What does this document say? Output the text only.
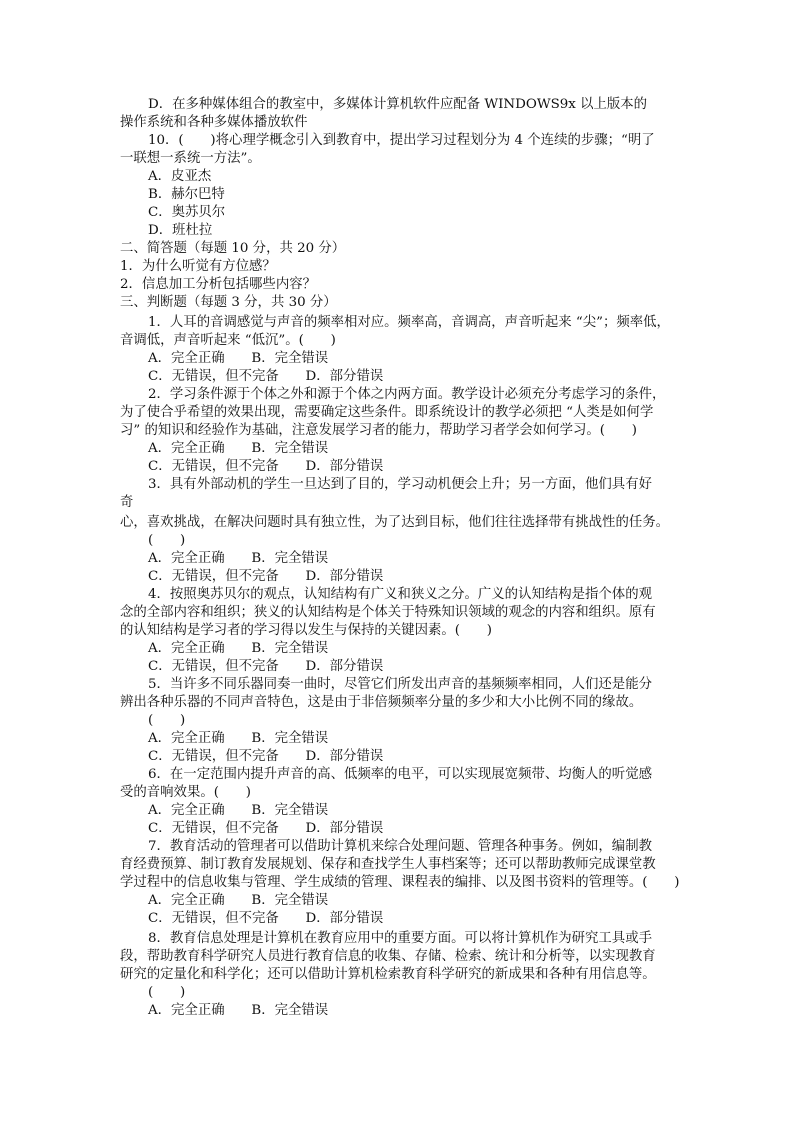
D．在多种媒体组合的教室中，多媒体计算机软件应配备 WINDOWS9x 以上版本的
操作系统和各种多媒体播放软件
10．(　　)将心理学概念引入到教育中，提出学习过程划分为 4 个连续的步骤；“明了
一联想一系统一方法”。
A．皮亚杰
B．赫尔巴特
C．奥苏贝尔
D．班杜拉
二、简答题（每题 10 分，共 20 分）
1．为什么听觉有方位感？
2．信息加工分析包括哪些内容？
三、判断题（每题 3 分，共 30 分）
1．人耳的音调感觉与声音的频率相对应。频率高，音调高，声音听起来 “尖”；频率低，
音调低，声音听起来 “低沉”。(　　)
A．完全正确　　B．完全错误
C．无错误，但不完备　　D．部分错误
2．学习条件源于个体之外和源于个体之内两方面。教学设计必须充分考虑学习的条件，
为了使合乎希望的效果出现，需要确定这些条件。即系统设计的教学必须把 “人类是如何学
习” 的知识和经验作为基础，注意发展学习者的能力，帮助学习者学会如何学习。(　　)
A．完全正确　　B．完全错误
C．无错误，但不完备　　D．部分错误
3．具有外部动机的学生一旦达到了目的，学习动机便会上升；另一方面，他们具有好
奇
心，喜欢挑战，在解决问题时具有独立性，为了达到目标，他们往往选择带有挑战性的任务。
(　　)
A．完全正确　　B．完全错误
C．无错误，但不完备　　D．部分错误
4．按照奥苏贝尔的观点，认知结构有广义和狭义之分。广义的认知结构是指个体的观
念的全部内容和组织；狭义的认知结构是个体关于特殊知识领域的观念的内容和组织。原有
的认知结构是学习者的学习得以发生与保持的关键因素。(　　)
A．完全正确　　B．完全错误
C．无错误，但不完备　　D．部分错误
5．当许多不同乐器同奏一曲时，尽管它们所发出声音的基频频率相同，人们还是能分
辨出各种乐器的不同声音特色，这是由于非倍频频率分量的多少和大小比例不同的缘故。
(　　)
A．完全正确　　B．完全错误
C．无错误，但不完备　　D．部分错误
6．在一定范围内提升声音的高、低频率的电平，可以实现展宽频带、均衡人的听觉感
受的音响效果。(　　)
A．完全正确　　B．完全错误
C．无错误，但不完备　　D．部分错误
7．教育活动的管理者可以借助计算机来综合处理问题、管理各种事务。例如，编制教
育经费预算、制订教育发展规划、保存和查找学生人事档案等；还可以帮助教师完成课堂教
学过程中的信息收集与管理、学生成绩的管理、课程表的编排、以及图书资料的管理等。(　　)
A．完全正确　　B．完全错误
C．无错误，但不完备　　D．部分错误
8．教育信息处理是计算机在教育应用中的重要方面。可以将计算机作为研究工具或手
段，帮助教育科学研究人员进行教育信息的收集、存储、检索、统计和分析等，以实现教育
研究的定量化和科学化；还可以借助计算机检索教育科学研究的新成果和各种有用信息等。
(　　)
A．完全正确　　B．完全错误
